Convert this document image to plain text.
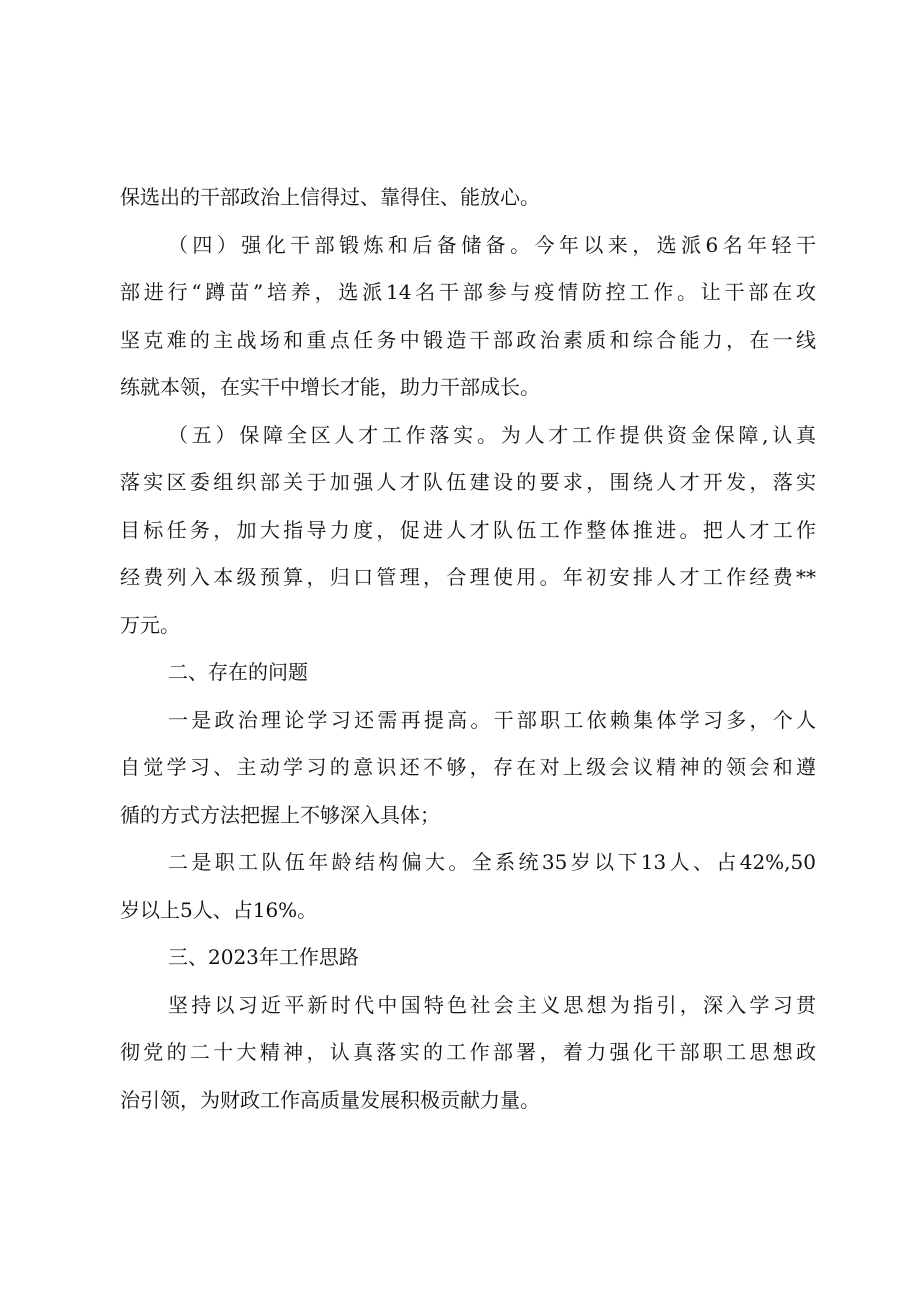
保选出的干部政治上信得过、靠得住、能放心。
（四）强化干部锻炼和后备储备。今年以来，选派6名年轻干
部进行“蹲苗”培养，选派14名干部参与疫情防控工作。让干部在攻
坚克难的主战场和重点任务中锻造干部政治素质和综合能力，在一线
练就本领，在实干中增长才能，助力干部成长。
（五）保障全区人才工作落实。为人才工作提供资金保障,认真
落实区委组织部关于加强人才队伍建设的要求，围绕人才开发，落实
目标任务，加大指导力度，促进人才队伍工作整体推进。把人才工作
经费列入本级预算，归口管理，合理使用。年初安排人才工作经费**
万元。
二、存在的问题
一是政治理论学习还需再提高。干部职工依赖集体学习多，个人
自觉学习、主动学习的意识还不够，存在对上级会议精神的领会和遵
循的方式方法把握上不够深入具体；
二是职工队伍年龄结构偏大。全系统35岁以下13人、占42%,50
岁以上5人、占16%。
三、2023年工作思路
坚持以习近平新时代中国特色社会主义思想为指引，深入学习贯
彻党的二十大精神，认真落实的工作部署，着力强化干部职工思想政
治引领，为财政工作高质量发展积极贡献力量。
